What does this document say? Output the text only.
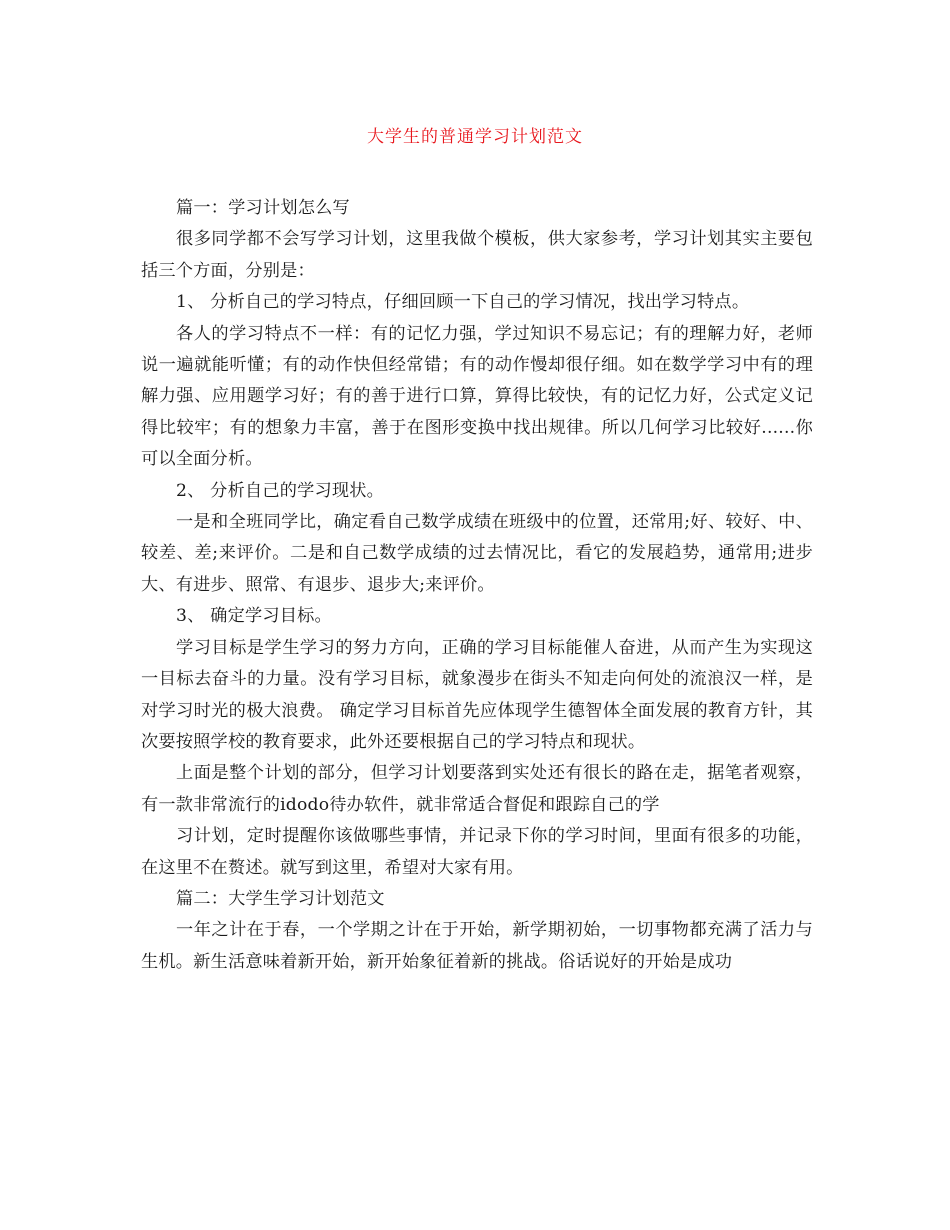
大学生的普通学习计划范文

篇一：学习计划怎么写

很多同学都不会写学习计划，这里我做个模板，供大家参考，学习计划其实主要包括三个方面，分别是：

1、 分析自己的学习特点，仔细回顾一下自己的学习情况，找出学习特点。

各人的学习特点不一样：有的记忆力强，学过知识不易忘记；有的理解力好，老师说一遍就能听懂；有的动作快但经常错；有的动作慢却很仔细。如在数学学习中有的理解力强、应用题学习好；有的善于进行口算，算得比较快，有的记忆力好，公式定义记得比较牢；有的想象力丰富，善于在图形变换中找出规律。所以几何学习比较好......你可以全面分析。

2、 分析自己的学习现状。

一是和全班同学比，确定看自己数学成绩在班级中的位置，还常用;好、较好、中、较差、差;来评价。二是和自己数学成绩的过去情况比，看它的发展趋势，通常用;进步大、有进步、照常、有退步、退步大;来评价。

3、 确定学习目标。

学习目标是学生学习的努力方向，正确的学习目标能催人奋进，从而产生为实现这一目标去奋斗的力量。没有学习目标，就象漫步在街头不知走向何处的流浪汉一样，是对学习时光的极大浪费。 确定学习目标首先应体现学生德智体全面发展的教育方针，其次要按照学校的教育要求，此外还要根据自己的学习特点和现状。

上面是整个计划的部分，但学习计划要落到实处还有很长的路在走，据笔者观察，有一款非常流行的idodo待办软件，就非常适合督促和跟踪自己的学

习计划，定时提醒你该做哪些事情，并记录下你的学习时间，里面有很多的功能，在这里不在赘述。就写到这里，希望对大家有用。

篇二：大学生学习计划范文

一年之计在于春，一个学期之计在于开始，新学期初始，一切事物都充满了活力与生机。新生活意味着新开始，新开始象征着新的挑战。俗话说好的开始是成功
